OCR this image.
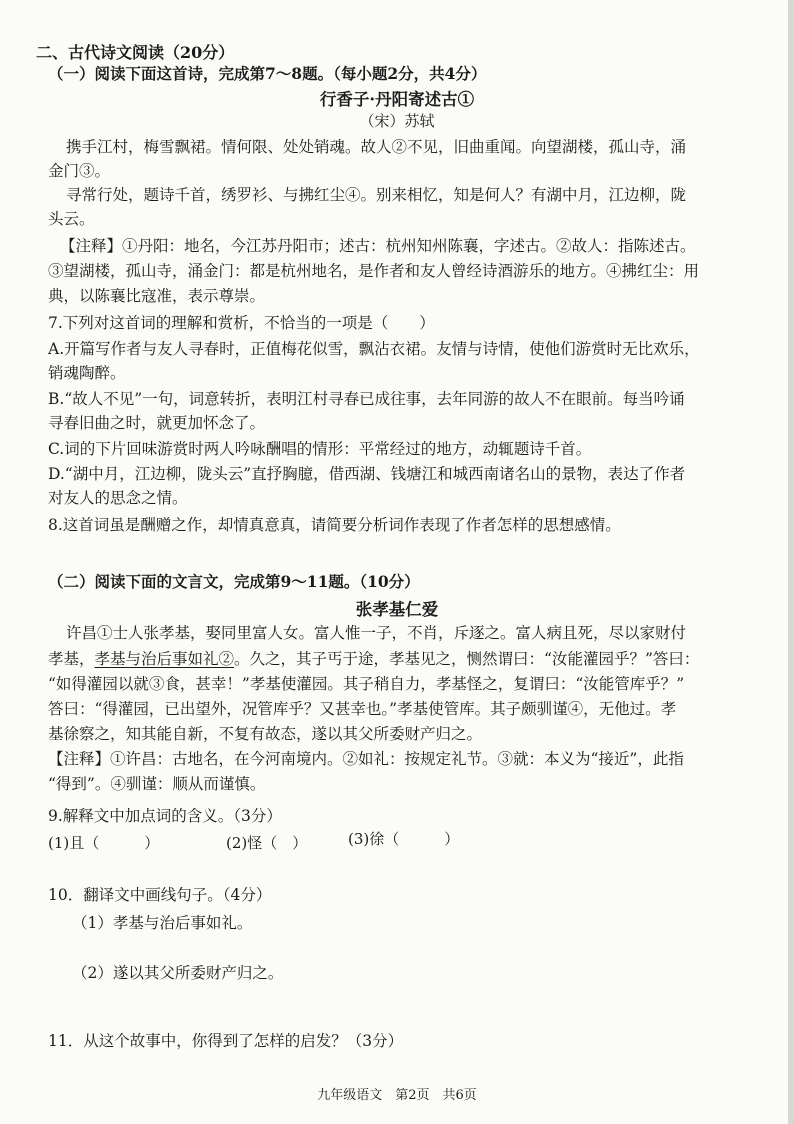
二、古代诗文阅读（20分）
（一）阅读下面这首诗，完成第7～8题。（每小题2分，共4分）
行香子·丹阳寄述古①
（宋）苏轼
携手江村，梅雪飘裙。情何限、处处销魂。故人②不见，旧曲重闻。向望湖楼，孤山寺，涌
金门③。
寻常行处，题诗千首，绣罗衫、与拂红尘④。别来相忆，知是何人？有湖中月，江边柳，陇
头云。
【注释】①丹阳：地名，今江苏丹阳市；述古：杭州知州陈襄，字述古。②故人：指陈述古。
③望湖楼，孤山寺，涌金门：都是杭州地名，是作者和友人曾经诗酒游乐的地方。④拂红尘：用
典，以陈襄比寇准，表示尊崇。
7.下列对这首词的理解和赏析，不恰当的一项是（　　）
A.开篇写作者与友人寻春时，正值梅花似雪，飘沾衣裙。友情与诗情，使他们游赏时无比欢乐，
销魂陶醉。
B.“故人不见”一句，词意转折，表明江村寻春已成往事，去年同游的故人不在眼前。每当吟诵
寻春旧曲之时，就更加怀念了。
C.词的下片回味游赏时两人吟咏酬唱的情形：平常经过的地方，动辄题诗千首。
D.“湖中月，江边柳，陇头云”直抒胸臆，借西湖、钱塘江和城西南诸名山的景物，表达了作者
对友人的思念之情。
8.这首词虽是酬赠之作，却情真意真，请简要分析词作表现了作者怎样的思想感情。
（二）阅读下面的文言文，完成第9～11题。（10分）
张孝基仁爱
许昌①士人张孝基，娶同里富人女。富人惟一子，不肖，斥逐之。富人病且死，尽以家财付
孝基，孝基与治后事如礼②。久之，其子丐于途，孝基见之，恻然谓曰：“汝能灌园乎？”答曰：
“如得灌园以就③食，甚幸！”孝基使灌园。其子稍自力，孝基怪之，复谓曰：“汝能管库乎？”
答曰：“得灌园，已出望外，况管库乎？又甚幸也。”孝基使管库。其子颇驯谨④，无他过。孝
基徐察之，知其能自新，不复有故态，遂以其父所委财产归之。
【注释】①许昌：古地名，在今河南境内。②如礼：按规定礼节。③就：本义为“接近”，此指
“得到”。④驯谨：顺从而谨慎。
9.解释文中加点词的含义。（3分）
(1)且（　　　）	(2)怪（　）	(3)徐（　　　）
10．翻译文中画线句子。（4分）
（1）孝基与治后事如礼。
（2）遂以其父所委财产归之。
11．从这个故事中，你得到了怎样的启发？（3分）
九年级语文　第2页　共6页
